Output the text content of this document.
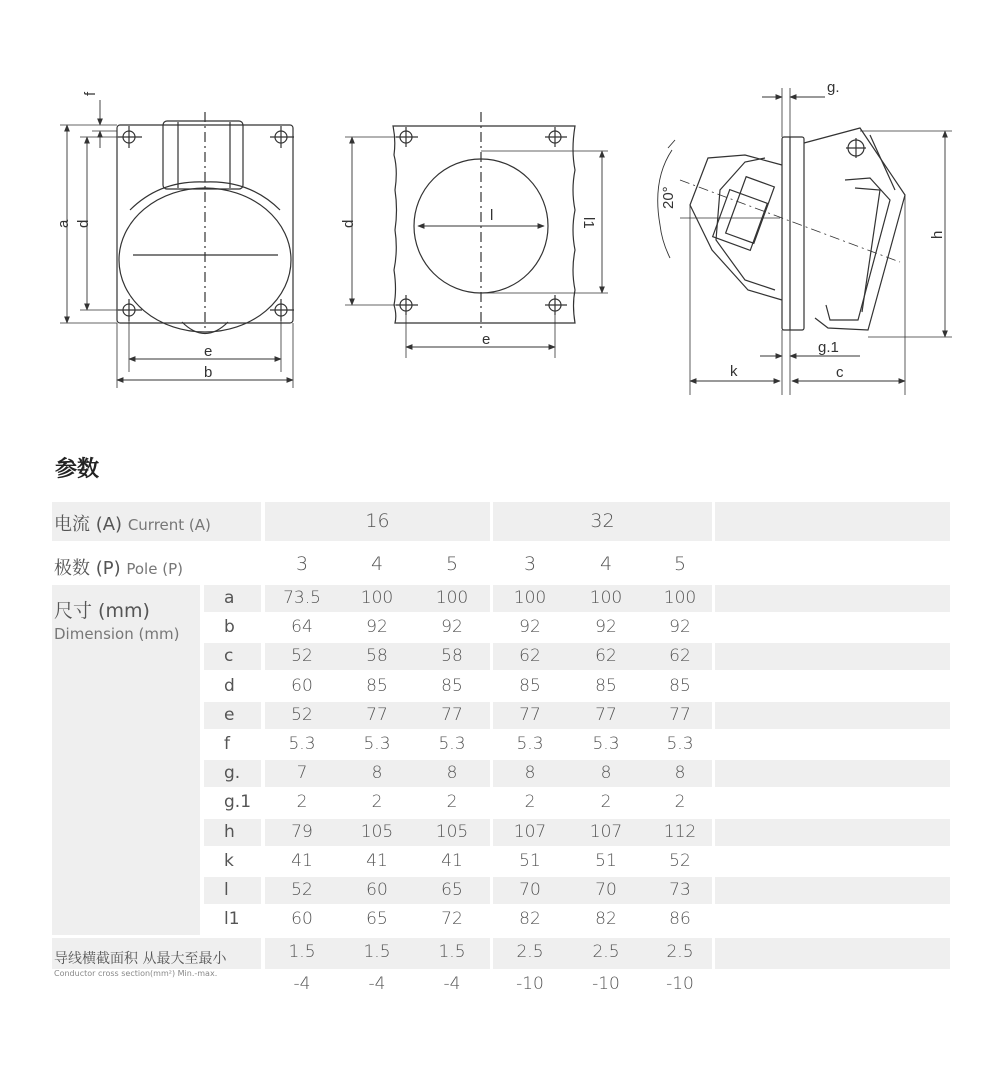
f
a d
e
b
d	l	l1
e
g.
20°
h
g.1
k	c
参数
电流 (A) Current (A)
极数 (P) Pole (P)
尺寸 (mm)
Dimension (mm)
导线横截面积 从最大至最小
Conductor cross section(mm²) Min.-max.
16	32
3	4	5	3	4	5
a	73.5	100	100	100	100	100
b	64	92	92	92	92	92
c	52	58	58	62	62	62
d	60	85	85	85	85	85
e	52	77	77	77	77	77
f	5.3	5.3	5.3	5.3	5.3	5.3
g.	7	8	8	8	8	8
g.1	2	2	2	2	2	2
h	79	105	105	107	107	112
k	41	41	41	51	51	52
l	52	60	65	70	70	73
l1	60	65	72	82	82	86
1.5	1.5	1.5	2.5	2.5	2.5
-4	-4	-4	-10	-10	-10
